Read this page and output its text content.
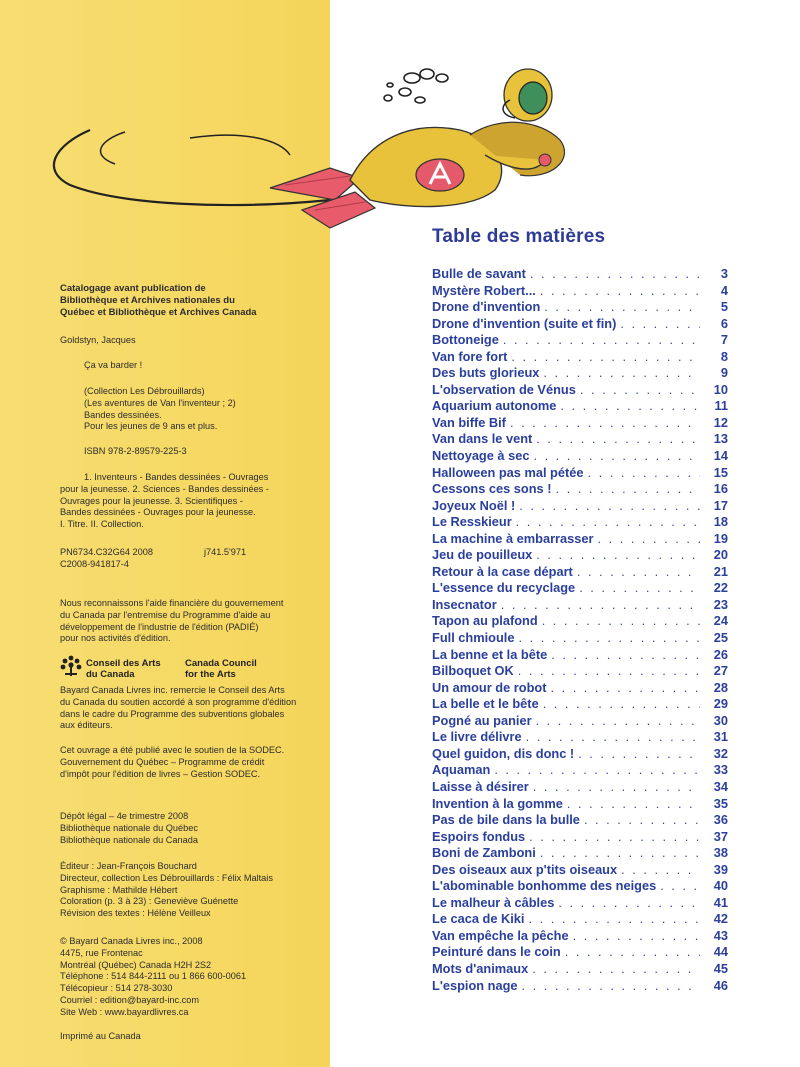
Catalogage avant publication de
Bibliothèque et Archives nationales du
Québec et Bibliothèque et Archives Canada
Goldstyn, Jacques
Ça va barder !
(Collection Les Débrouillards)
(Les aventures de Van l'inventeur ; 2)
Bandes dessinées.
Pour les jeunes de 9 ans et plus.
ISBN 978-2-89579-225-3
1. Inventeurs - Bandes dessinées - Ouvrages
pour la jeunesse. 2. Sciences - Bandes dessinées -
Ouvrages pour la jeunesse. 3. Scientifiques -
Bandes dessinées - Ouvrages pour la jeunesse.
I. Titre. II. Collection.
PN6734.C32G64 2008	j741.5'971
C2008-941817-4
Nous reconnaissons l'aide financière du gouvernement
du Canada par l'entremise du Programme d'aide au
développement de l'industrie de l'édition (PADIÉ)
pour nos activités d'édition.
Bayard Canada Livres inc. remercie le Conseil des Arts
du Canada du soutien accordé à son programme d'édition
dans le cadre du Programme des subventions globales
aux éditeurs.
Cet ouvrage a été publié avec le soutien de la SODEC.
Gouvernement du Québec – Programme de crédit
d'impôt pour l'édition de livres – Gestion SODEC.
Dépôt légal – 4e trimestre 2008
Bibliothèque nationale du Québec
Bibliothèque nationale du Canada
Éditeur : Jean-François Bouchard
Directeur, collection Les Débrouillards : Félix Maltais
Graphisme : Mathilde Hébert
Coloration (p. 3 à 23) : Geneviève Guénette
Révision des textes : Hélène Veilleux
© Bayard Canada Livres inc., 2008
4475, rue Frontenac
Montréal (Québec) Canada H2H 2S2
Téléphone : 514 844-2111 ou 1 866 600-0061
Télécopieur : 514 278-3030
Courriel : edition@bayard-inc.com
Site Web : www.bayardlivres.ca
Imprimé au Canada
Conseil des Arts
du Canada
Canada Council
for the Arts
Table des matières
Bulle de savant . . .	3
Mystère Robert... . . .	4
Drone d'invention . . .	5
Drone d'invention (suite et fin) . . .	6
Bottoneige . . .	7
Van fore fort . . .	8
Des buts glorieux . . .	9
L'observation de Vénus . . .	10
Aquarium autonome . . .	11
Van biffe Bif . . .	12
Van dans le vent . . .	13
Nettoyage à sec . . .	14
Halloween pas mal pétée . . .	15
Cessons ces sons ! . . .	16
Joyeux Noël ! . . .	17
Le Resskieur . . .	18
La machine à embarrasser . . .	19
Jeu de pouilleux . . .	20
Retour à la case départ . . .	21
L'essence du recyclage . . .	22
Insecnator . . .	23
Tapon au plafond . . .	24
Full chmioule . . .	25
La benne et la bête . . .	26
Bilboquet OK . . .	27
Un amour de robot . . .	28
La belle et le bête . . .	29
Pogné au panier . . .	30
Le livre délivre . . .	31
Quel guidon, dis donc ! . . .	32
Aquaman . . .	33
Laisse à désirer . . .	34
Invention à la gomme . . .	35
Pas de bile dans la bulle . . .	36
Espoirs fondus . . .	37
Boni de Zamboni . . .	38
Des oiseaux aux p'tits oiseaux . . .	39
L'abominable bonhomme des neiges . . .	40
Le malheur à câbles . . .	41
Le caca de Kiki . . .	42
Van empêche la pêche . . .	43
Peinturé dans le coin . . .	44
Mots d'animaux . . .	45
L'espion nage . . .	46
